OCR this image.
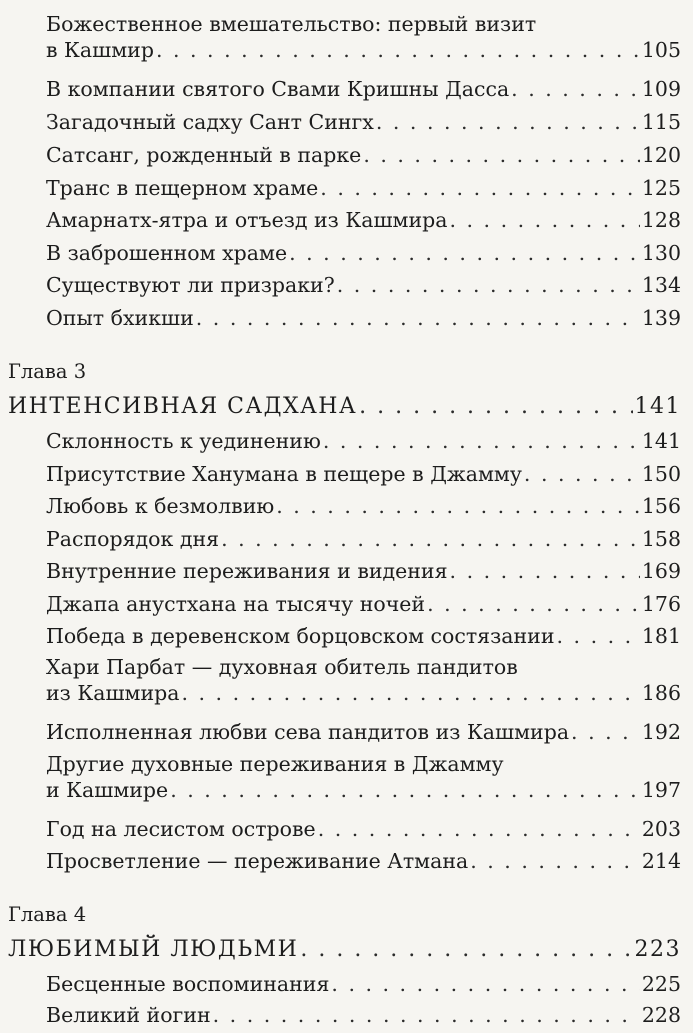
Божественное вмешательство: первый визит
в Кашмир . . .	105
В компании святого Свами Кришны Дасса . . .	109
Загадочный садху Сант Сингх . . .	115
Сатсанг, рожденный в парке . . .	120
Транс в пещерном храме . . .	125
Амарнатх-ятра и отъезд из Кашмира . . .	128
В заброшенном храме . . .	130
Существуют ли призраки? . . .	134
Опыт бхикши . . .	139
Глава 3
ИНТЕНСИВНАЯ САДХАНА . . .	141
Склонность к уединению . . .	141
Присутствие Ханумана в пещере в Джамму . . .	150
Любовь к безмолвию . . .	156
Распорядок дня . . .	158
Внутренние переживания и видения . . .	169
Джапа анустхана на тысячу ночей . . .	176
Победа в деревенском борцовском состязании . . .	181
Хари Парбат — духовная обитель пандитов
из Кашмира . . .	186
Исполненная любви сева пандитов из Кашмира . . .	192
Другие духовные переживания в Джамму
и Кашмире . . .	197
Год на лесистом острове . . .	203
Просветление — переживание Атмана . . .	214
Глава 4
ЛЮБИМЫЙ ЛЮДЬМИ . . .	223
Бесценные воспоминания . . .	225
Великий йогин . . .	228
